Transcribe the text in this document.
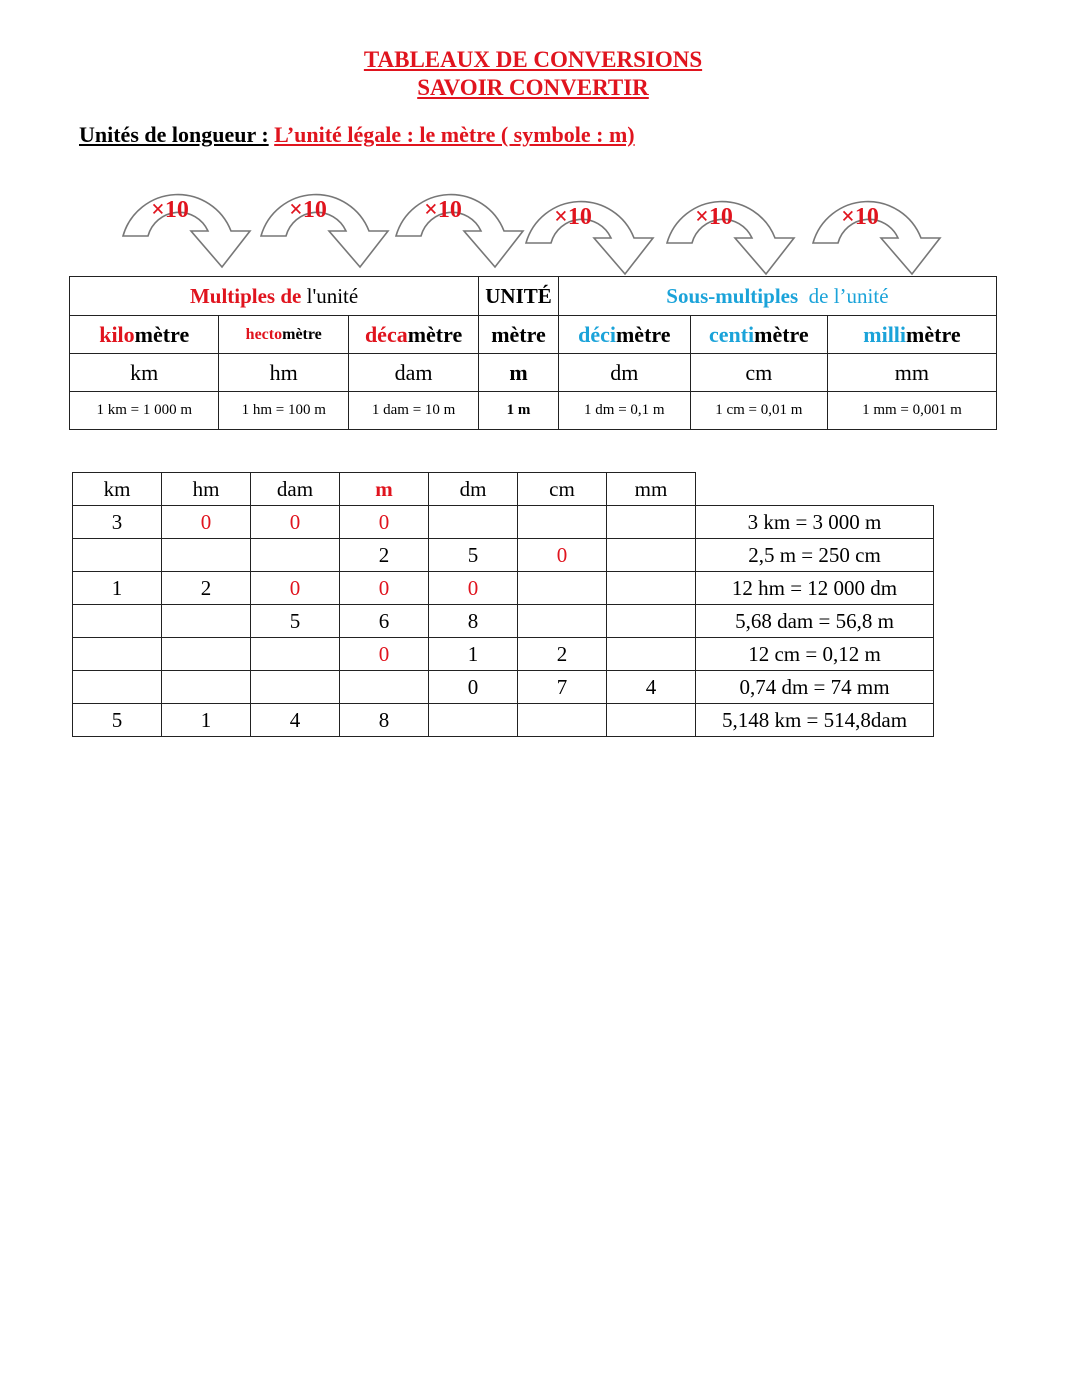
TABLEAUX DE CONVERSIONS
SAVOIR CONVERTIR
Unités de longueur : L’unité légale : le mètre ( symbole : m)
×10	×10	×10	×10	×10	×10
Multiples de l'unité			UNITÉ	Sous-multiples  de l’unité		
kilomètre	hectomètre	décamètre	mètre	décimètre	centimètre	millimètre
km	hm	dam	m	dm	cm	mm
1 km = 1 000 m	1 hm = 100 m	1 dam = 10 m	1 m	1 dm = 0,1 m	1 cm = 0,01 m	1 mm = 0,001 m
km	hm	dam	m	dm	cm	mm	
3	0	0	0				3 km = 3 000 m
			2	5	0		2,5 m = 250 cm
1	2	0	0	0			12 hm = 12 000 dm
		5	6	8			5,68 dam = 56,8 m
			0	1	2		12 cm = 0,12 m
				0	7	4	0,74 dm = 74 mm
5	1	4	8				5,148 km = 514,8dam
